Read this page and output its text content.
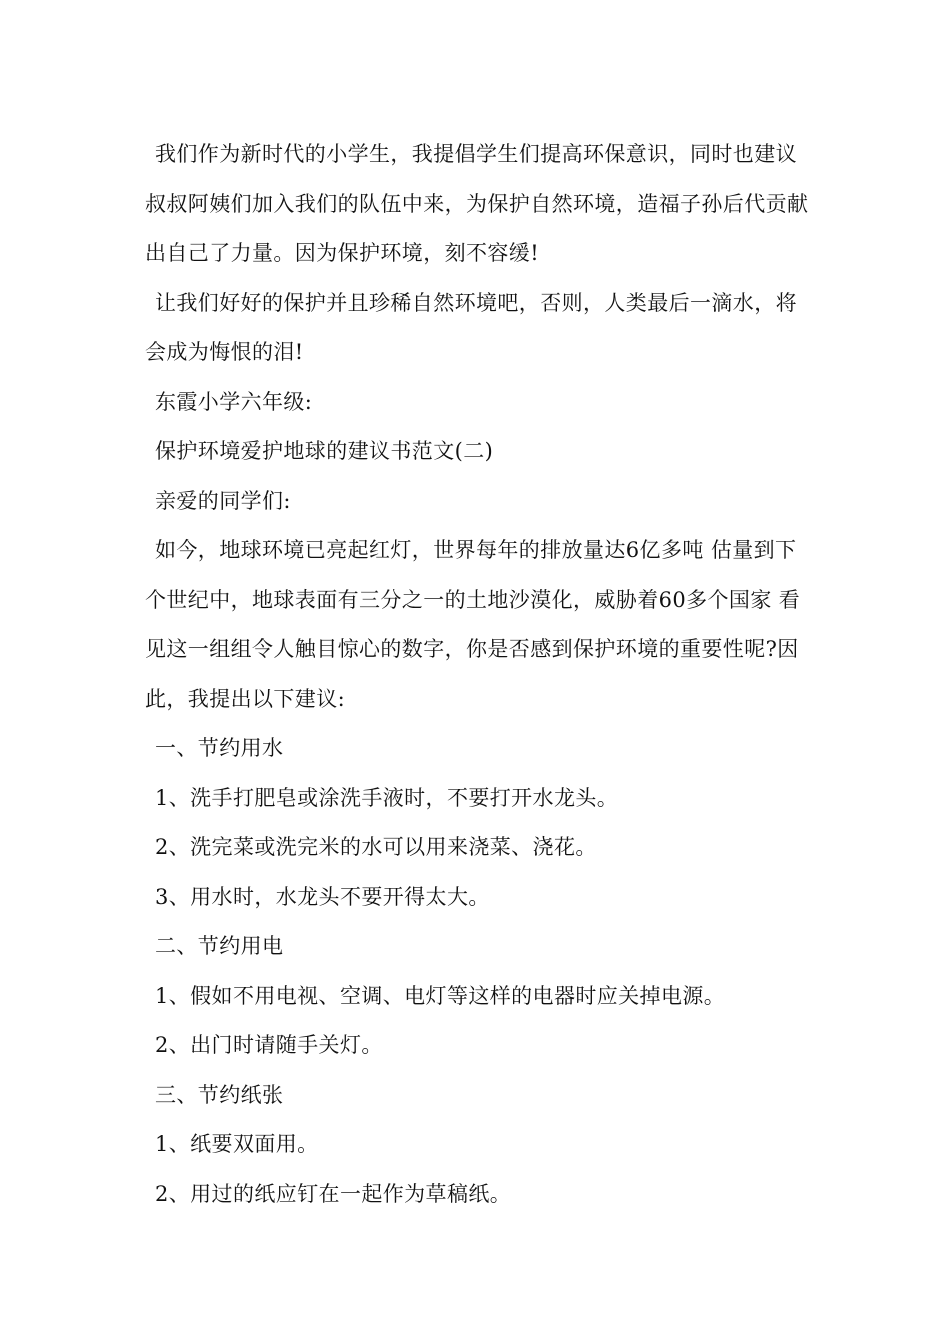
我们作为新时代的小学生，我提倡学生们提高环保意识，同时也建议叔叔阿姨们加入我们的队伍中来，为保护自然环境，造福子孙后代贡献出自己了力量。因为保护环境，刻不容缓!

让我们好好的保护并且珍稀自然环境吧，否则，人类最后一滴水，将会成为悔恨的泪!

东霞小学六年级:

保护环境爱护地球的建议书范文(二)

亲爱的同学们:

如今，地球环境已亮起红灯，世界每年的排放量达6亿多吨 估量到下个世纪中，地球表面有三分之一的土地沙漠化，威胁着60多个国家 看见这一组组令人触目惊心的数字，你是否感到保护环境的重要性呢?因此，我提出以下建议:

一、节约用水

1、洗手打肥皂或涂洗手液时，不要打开水龙头。

2、洗完菜或洗完米的水可以用来浇菜、浇花。

3、用水时，水龙头不要开得太大。

二、节约用电

1、假如不用电视、空调、电灯等这样的电器时应关掉电源。

2、出门时请随手关灯。

三、节约纸张

1、纸要双面用。

2、用过的纸应钉在一起作为草稿纸。
